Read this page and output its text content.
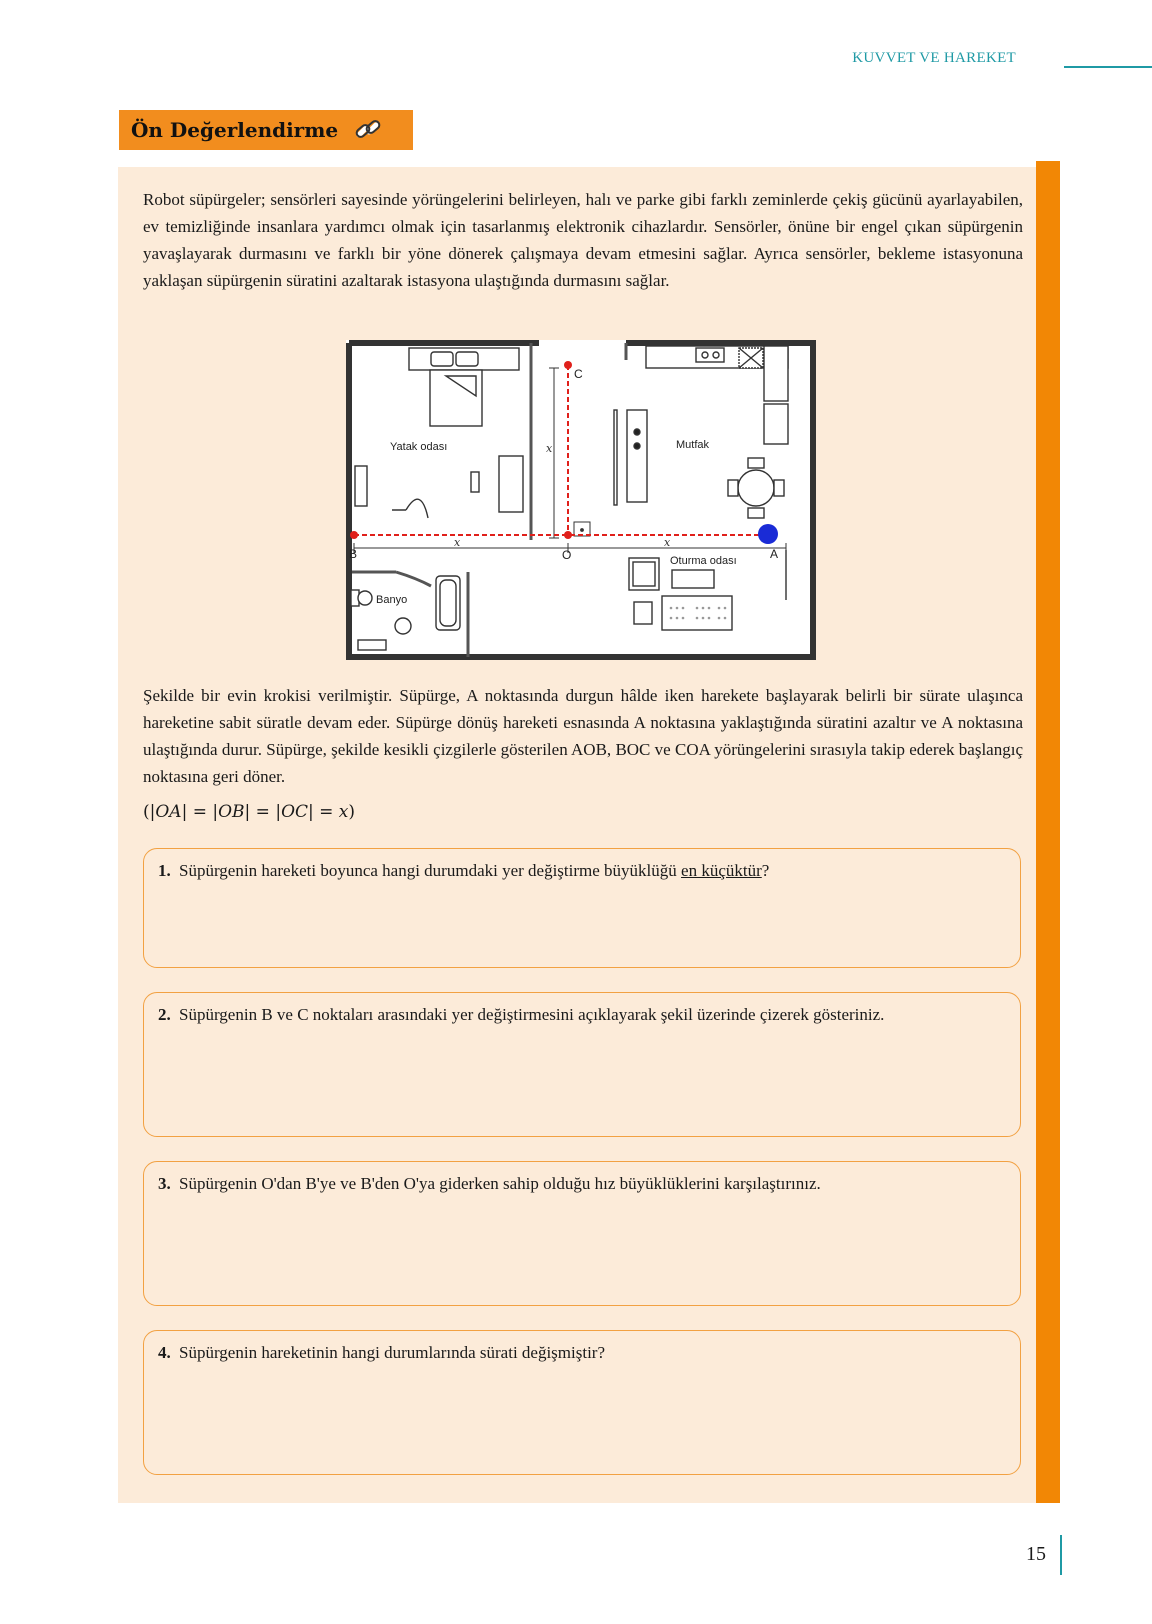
KUVVET VE HAREKET
Ön Değerlendirme
Robot süpürgeler; sensörleri sayesinde yörüngelerini belirleyen, halı ve parke gibi farklı zeminlerde çekiş gücünü ayarlayabilen, ev temizliğinde insanlara yardımcı olmak için tasarlanmış elektronik cihazlardır. Sensörler, önüne bir engel çıkan süpürgenin yavaşlayarak durmasını ve farklı bir yöne dönerek çalışmaya devam etmesini sağlar. Ayrıca sensörler, bekleme istasyonuna yaklaşan süpürgenin süratini azaltarak istasyona ulaştığında durmasını sağlar.
Yatak odası	Mutfak
Oturma odası
Banyo
C
B	O	A
x	x
x
Şekilde bir evin krokisi verilmiştir. Süpürge, A noktasında durgun hâlde iken harekete başlayarak belirli bir sürate ulaşınca hareketine sabit süratle devam eder. Süpürge dönüş hareketi esnasında A noktasına yaklaştığında süratini azaltır ve A noktasına ulaştığında durur. Süpürge, şekilde kesikli çizgilerle gösterilen AOB, BOC ve COA yörüngelerini sırasıyla takip ederek başlangıç noktasına geri döner.
(|OA| = |OB| = |OC| = x)
1. Süpürgenin hareketi boyunca hangi durumdaki yer değiştirme büyüklüğü en küçüktür?
2. Süpürgenin B ve C noktaları arasındaki yer değiştirmesini açıklayarak şekil üzerinde çizerek gösteriniz.
3. Süpürgenin O'dan B'ye ve B'den O'ya giderken sahip olduğu hız büyüklüklerini karşılaştırınız.
4. Süpürgenin hareketinin hangi durumlarında sürati değişmiştir?
15
